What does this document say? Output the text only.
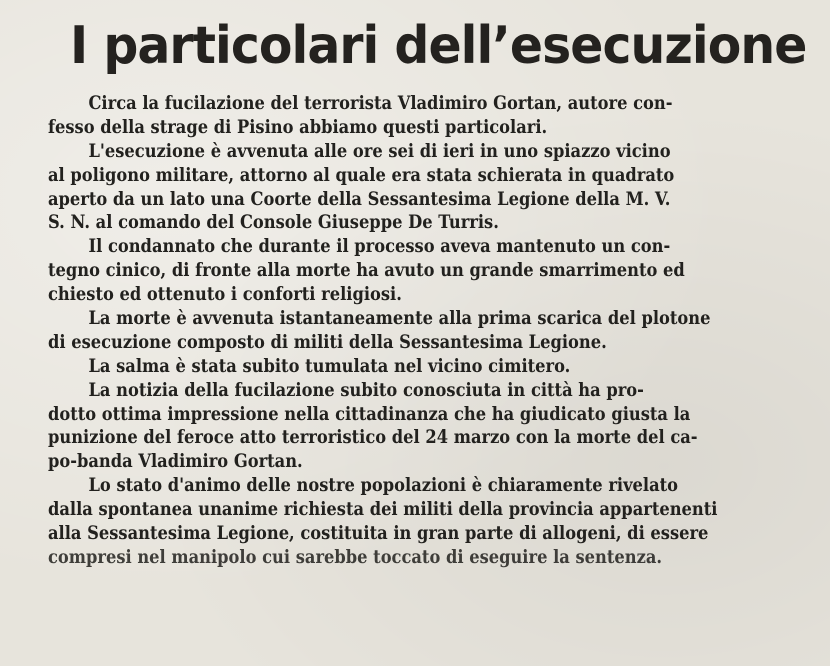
I particolari dell’esecuzione
Circa la fucilazione del terrorista Vladimiro Gortan, autore con-
fesso della strage di Pisino abbiamo questi particolari.
L'esecuzione è avvenuta alle ore sei di ieri in uno spiazzo vicino
al poligono militare, attorno al quale era stata schierata in quadrato
aperto da un lato una Coorte della Sessantesima Legione della M. V.
S. N. al comando del Console Giuseppe De Turris.
Il condannato che durante il processo aveva mantenuto un con-
tegno cinico, di fronte alla morte ha avuto un grande smarrimento ed
chiesto ed ottenuto i conforti religiosi.
La morte è avvenuta istantaneamente alla prima scarica del plotone
di esecuzione composto di militi della Sessantesima Legione.
La salma è stata subito tumulata nel vicino cimitero.
La notizia della fucilazione subito conosciuta in città ha pro-
dotto ottima impressione nella cittadinanza che ha giudicato giusta la
punizione del feroce atto terroristico del 24 marzo con la morte del ca-
po-banda Vladimiro Gortan.
Lo stato d'animo delle nostre popolazioni è chiaramente rivelato
dalla spontanea unanime richiesta dei militi della provincia appartenenti
alla Sessantesima Legione, costituita in gran parte di allogeni, di essere
compresi nel manipolo cui sarebbe toccato di eseguire la sentenza.
